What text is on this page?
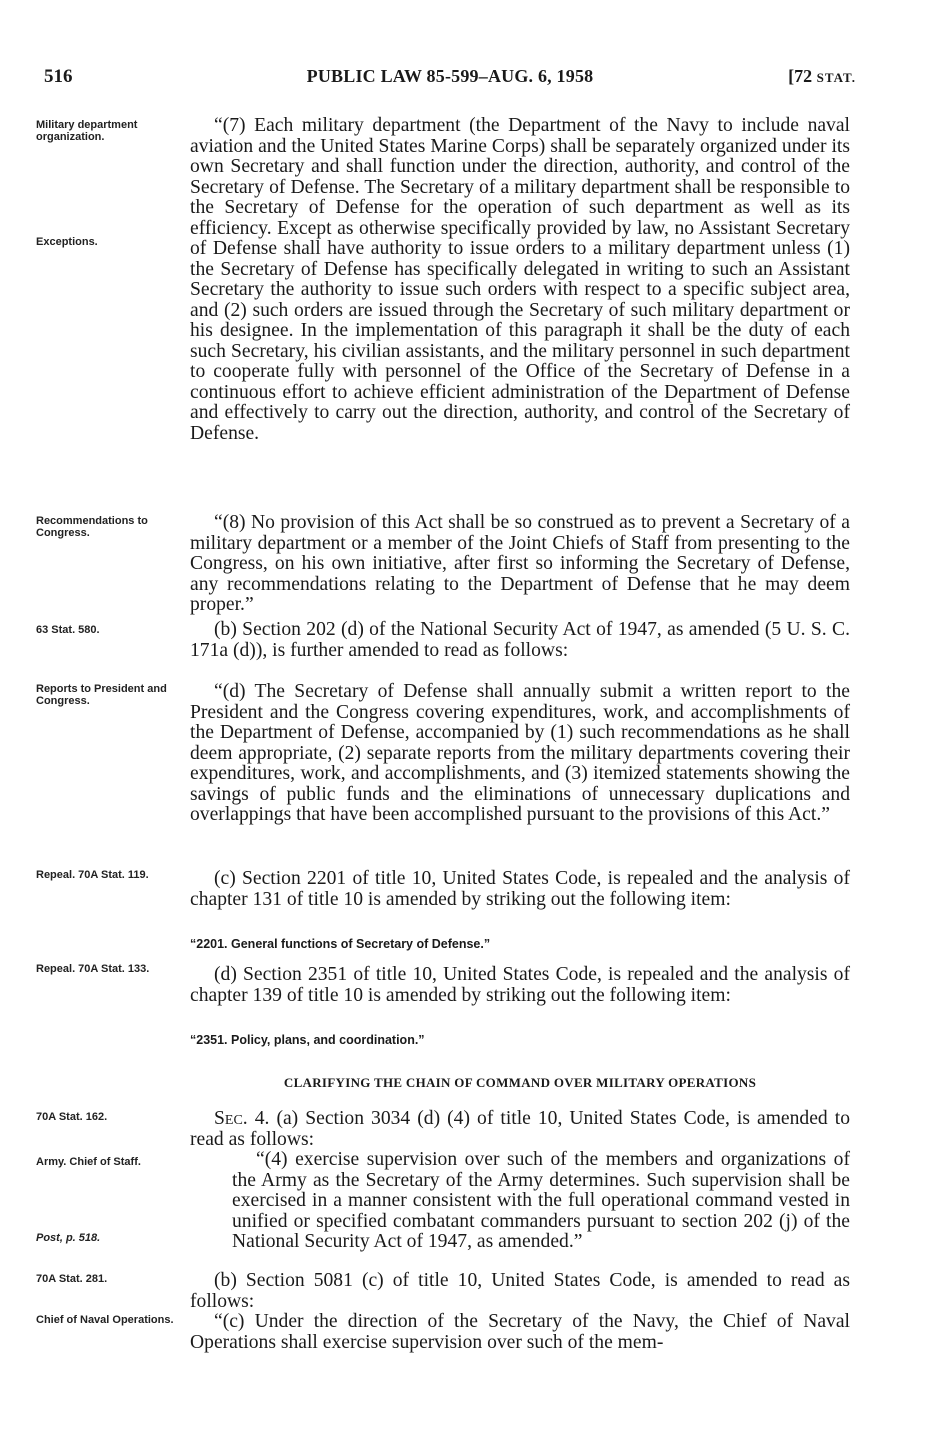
516	PUBLIC LAW 85-599–AUG. 6, 1958	[72 STAT.
Military department organization.
Exceptions.
Recommendations to Congress.
63 Stat. 580.
Reports to President and Congress.
Repeal. 70A Stat. 119.
Repeal. 70A Stat. 133.
70A Stat. 162.
Army. Chief of Staff.
Post, p. 518.
70A Stat. 281.
Chief of Naval Operations.

“(7) Each military department (the Department of the Navy to include naval aviation and the United States Marine Corps) shall be separately organized under its own Secretary and shall function under the direction, authority, and control of the Secretary of Defense. The Secretary of a military department shall be responsible to the Secretary of Defense for the operation of such department as well as its efficiency. Except as otherwise specifically provided by law, no Assistant Secretary of Defense shall have authority to issue orders to a military department unless (1) the Secretary of Defense has specifically delegated in writing to such an Assistant Secretary the authority to issue such orders with respect to a specific subject area, and (2) such orders are issued through the Secretary of such military department or his designee. In the implementation of this paragraph it shall be the duty of each such Secretary, his civilian assistants, and the military personnel in such department to cooperate fully with personnel of the Office of the Secretary of Defense in a continuous effort to achieve efficient administration of the Department of Defense and effectively to carry out the direction, authority, and control of the Secretary of Defense.

“(8) No provision of this Act shall be so construed as to prevent a Secretary of a military department or a member of the Joint Chiefs of Staff from presenting to the Congress, on his own initiative, after first so informing the Secretary of Defense, any recommendations relating to the Department of Defense that he may deem proper.”

(b) Section 202 (d) of the National Security Act of 1947, as amended (5 U. S. C. 171a (d)), is further amended to read as follows:

“(d) The Secretary of Defense shall annually submit a written report to the President and the Congress covering expenditures, work, and accomplishments of the Department of Defense, accompanied by (1) such recommendations as he shall deem appropriate, (2) separate reports from the military departments covering their expenditures, work, and accomplishments, and (3) itemized statements showing the savings of public funds and the eliminations of unnecessary duplications and overlappings that have been accomplished pursuant to the provisions of this Act.”

(c) Section 2201 of title 10, United States Code, is repealed and the analysis of chapter 131 of title 10 is amended by striking out the following item:

“2201. General functions of Secretary of Defense.”

(d) Section 2351 of title 10, United States Code, is repealed and the analysis of chapter 139 of title 10 is amended by striking out the following item:

“2351. Policy, plans, and coordination.”
CLARIFYING THE CHAIN OF COMMAND OVER MILITARY OPERATIONS

Sec. 4. (a) Section 3034 (d) (4) of title 10, United States Code, is amended to read as follows:

“(4) exercise supervision over such of the members and organizations of the Army as the Secretary of the Army determines. Such supervision shall be exercised in a manner consistent with the full operational command vested in unified or specified combatant commanders pursuant to section 202 (j) of the National Security Act of 1947, as amended.”

(b) Section 5081 (c) of title 10, United States Code, is amended to read as follows:

“(c) Under the direction of the Secretary of the Navy, the Chief of Naval Operations shall exercise supervision over such of the mem-
